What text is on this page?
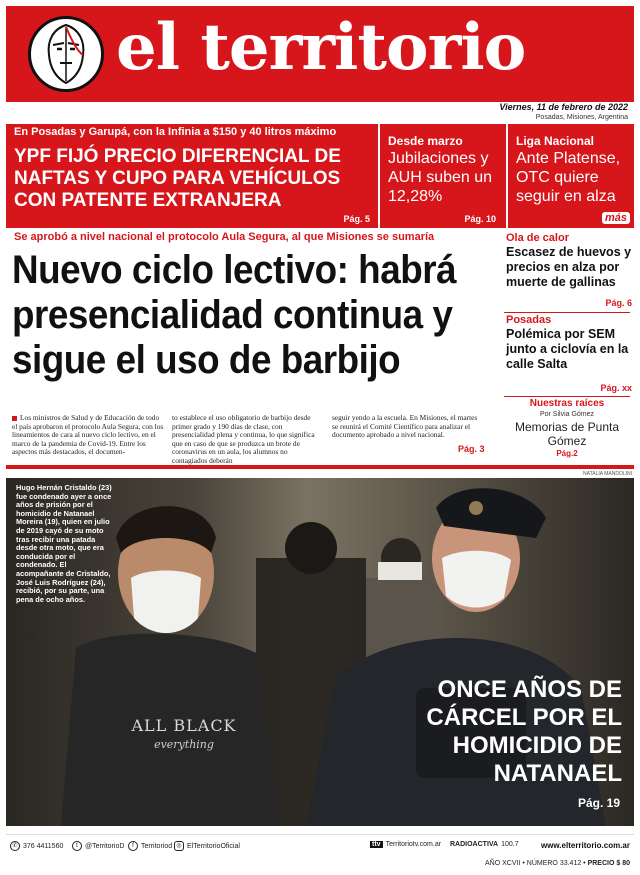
el territorio
Viernes, 11 de febrero de 2022
Posadas, Misiones, Argentina
En Posadas y Garupá, con la Infinia a $150 y 40 litros máximo
YPF FIJÓ PRECIO DIFERENCIAL DE NAFTAS Y CUPO PARA VEHÍCULOS CON PATENTE EXTRANJERA
Pág. 5
Desde marzo
Jubilaciones y AUH suben un 12,28%
Pág. 10
Liga Nacional
Ante Platense, OTC quiere seguir en alza
más
Se aprobó a nivel nacional el protocolo Aula Segura, al que Misiones se sumaría
Nuevo ciclo lectivo: habrá presencialidad continua y sigue el uso de barbijo
Los ministros de Salud y de Educación de todo el país aprobaron el protocolo Aula Segura, con los lineamientos de cara al nuevo ciclo lectivo, en el marco de la pandemia de Covid-19. Entre los aspectos más destacados, el documen-
to establece el uso obligatorio de barbijo desde primer grado y 190 días de clase, con presencialidad plena y continua, lo que significa que en caso de que se produzca un brote de coronavirus en un aula, los alumnos no contagiados deberán
seguir yendo a la escuela. En Misiones, el martes se reunirá el Comité Científico para analizar el documento aprobado a nivel nacional.
Pág. 3
Ola de calor
Escasez de huevos y precios en alza por muerte de gallinas
Pág. 6
Posadas
Polémica por SEM junto a ciclovía en la calle Salta
Pág. xx
Nuestras raíces
Por Silvia Gómez
Memorias de Punta Gómez
Pág.2
NATALIA MANDOLINI
Hugo Hernán Cristaldo (23) fue condenado ayer a once años de prisión por el homicidio de Natanael Moreira (19), quien en julio de 2019 cayó de su moto tras recibir una patada desde otra moto, que era conducida por el condenado. El acompañante de Cristaldo, José Luis Rodríguez (24), recibió, por su parte, una pena de ocho años.
ALL BLACK
everything
ONCE AÑOS DE CÁRCEL POR EL HOMICIDIO DE NATANAEL
Pág. 19
✆ 376 4411560	t	@TerritorioD	f	Territoriod ◎ ElTerritorioOficial	ttv Territoriotv.com.ar RADIOACTIVA 100.7	www.elterritorio.com.ar
AÑO XCVII • NÚMERO 33.412 • PRECIO $ 80
